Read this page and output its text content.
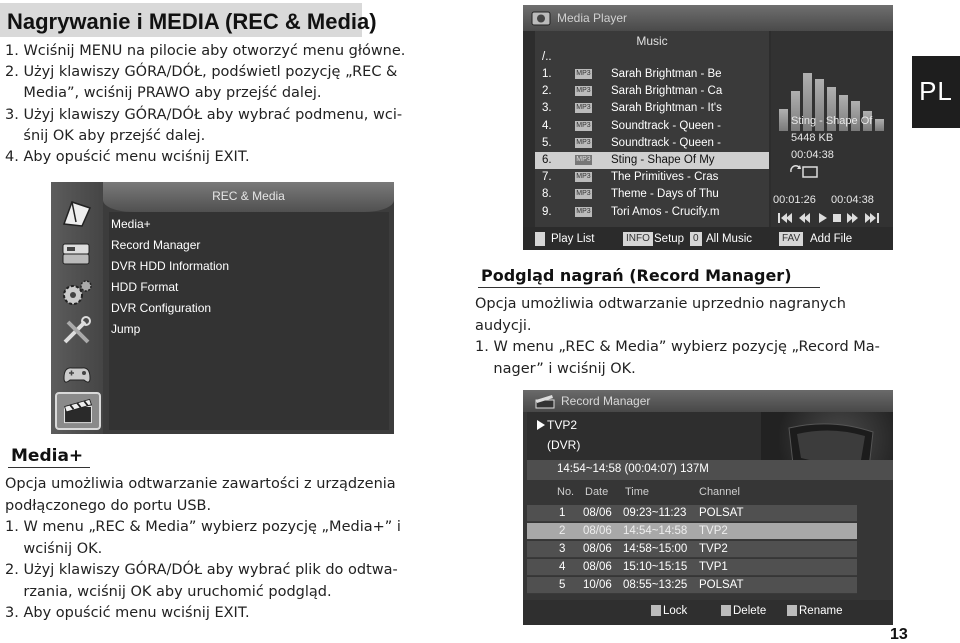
Nagrywanie i MEDIA (REC & Media)
1. Wciśnij MENU na pilocie aby otworzyć menu główne.
2. Użyj klawiszy GÓRA/DÓŁ, podświetl pozycję „REC &
Media”, wciśnij PRAWO aby przejść dalej.
3. Użyj klawiszy GÓRA/DÓŁ aby wybrać podmenu, wci-
śnij OK aby przejść dalej.
4. Aby opuścić menu wciśnij EXIT.
PL
REC & Media
Media+
Record Manager
DVR HDD Information
HDD Format
DVR Configuration
Jump
Media Player
Music
/..
1.	MP3 Sarah Brightman - Be
2.	MP3 Sarah Brightman - Ca
3.	MP3 Sarah Brightman - It's
4.	MP3 Soundtrack - Queen -
5.	MP3 Soundtrack - Queen -
6.	MP3 Sting - Shape Of My
7.	MP3 The Primitives - Cras
8.	MP3 Theme - Days of Thu
9.	MP3 Tori Amos - Crucify.m
Sting - Shape Of
5448 KB
00:04:38
00:01:26 00:04:38
Play List	INFO Setup 0 All Music	FAV Add File
Podgląd nagrań (Record Manager)
Opcja umożliwia odtwarzanie uprzednio nagranych
audycji.
1. W menu „REC & Media” wybierz pozycję „Record Ma-
nager” i wciśnij OK.
Media+
Opcja umożliwia odtwarzanie zawartości z urządzenia
podłączonego do portu USB.
1. W menu „REC & Media” wybierz pozycję „Media+” i
wciśnij OK.
2. Użyj klawiszy GÓRA/DÓŁ aby wybrać plik do odtwa-
rzania, wciśnij OK aby uruchomić podgląd.
3. Aby opuścić menu wciśnij EXIT.
Record Manager
TVP2
(DVR)
14:54~14:58 (00:04:07) 137M
No. Date Time	Channel
1 08/06 09:23~11:23 POLSAT
2 08/06 14:54~14:58 TVP2
3 08/06 14:58~15:00 TVP2
4 08/06 15:10~15:15 TVP1
5 10/06 08:55~13:25 POLSAT
Lock	Delete	Rename
13
